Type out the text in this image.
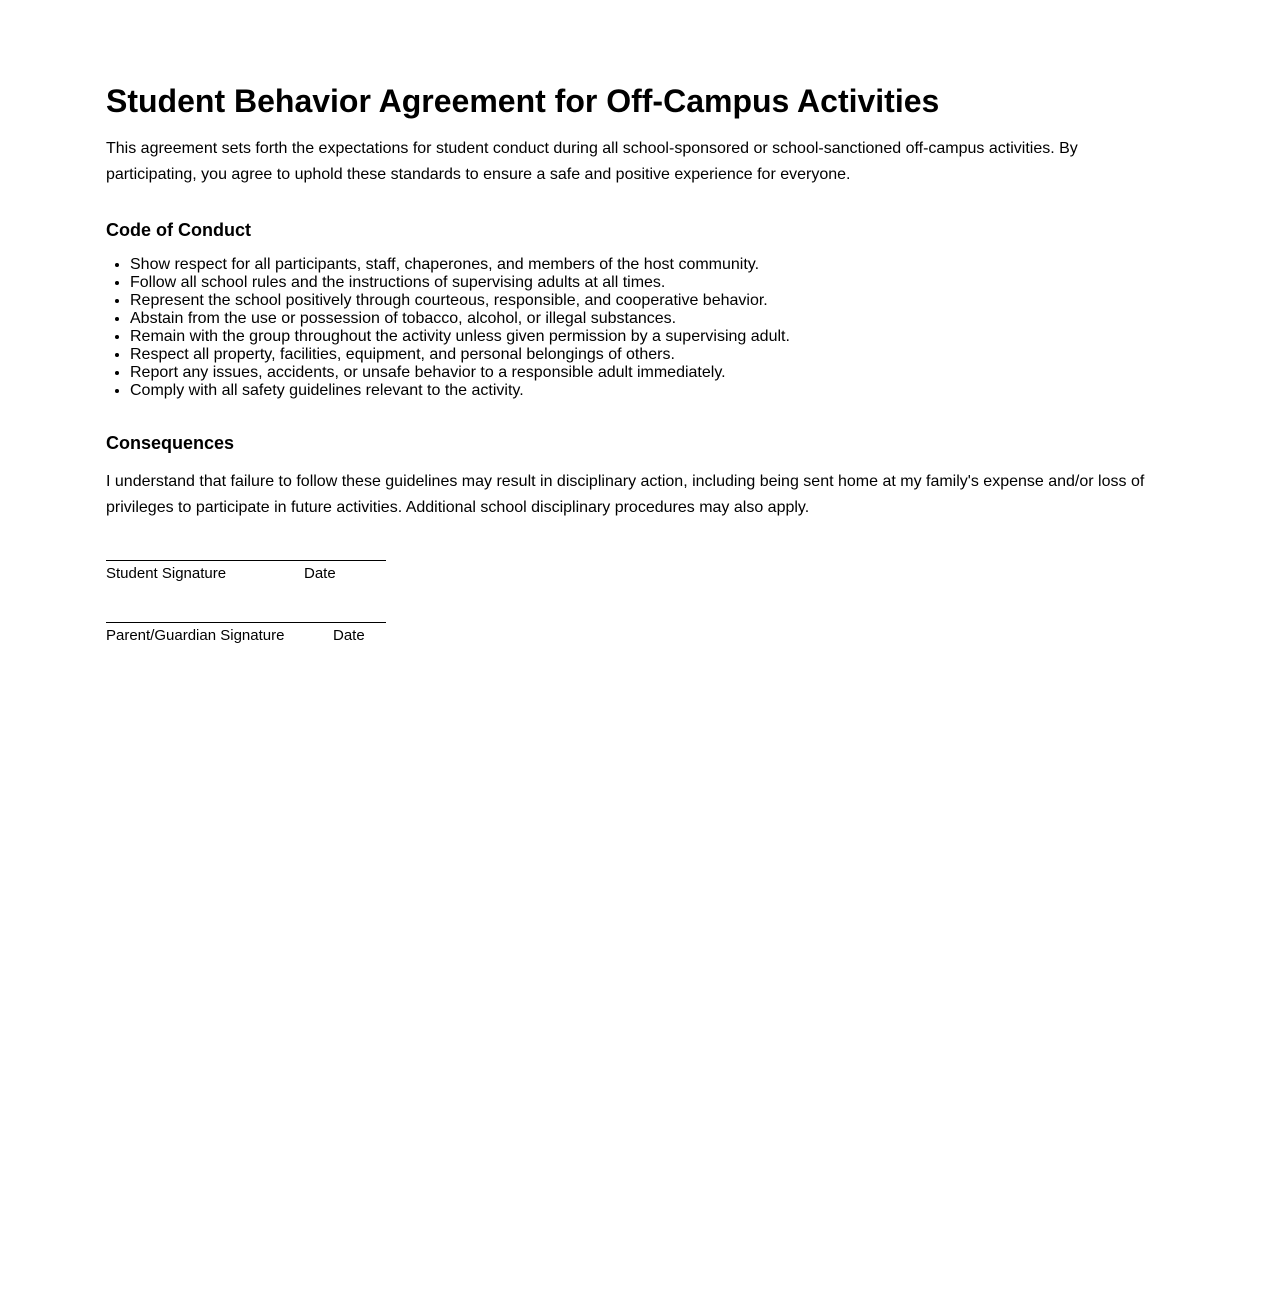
Student Behavior Agreement for Off-Campus Activities

This agreement sets forth the expectations for student conduct during all school-sponsored or school-sanctioned off-campus activities. By participating, you agree to uphold these standards to ensure a safe and positive experience for everyone.

Code of Conduct
• Show respect for all participants, staff, chaperones, and members of the host community.
• Follow all school rules and the instructions of supervising adults at all times.
• Represent the school positively through courteous, responsible, and cooperative behavior.
• Abstain from the use or possession of tobacco, alcohol, or illegal substances.
• Remain with the group throughout the activity unless given permission by a supervising adult.
• Respect all property, facilities, equipment, and personal belongings of others.
• Report any issues, accidents, or unsafe behavior to a responsible adult immediately.
• Comply with all safety guidelines relevant to the activity.
Consequences

I understand that failure to follow these guidelines may result in disciplinary action, including being sent home at my family's expense and/or loss of privileges to participate in future activities. Additional school disciplinary procedures may also apply.

Student Signature	Date
Parent/Guardian Signature	Date
